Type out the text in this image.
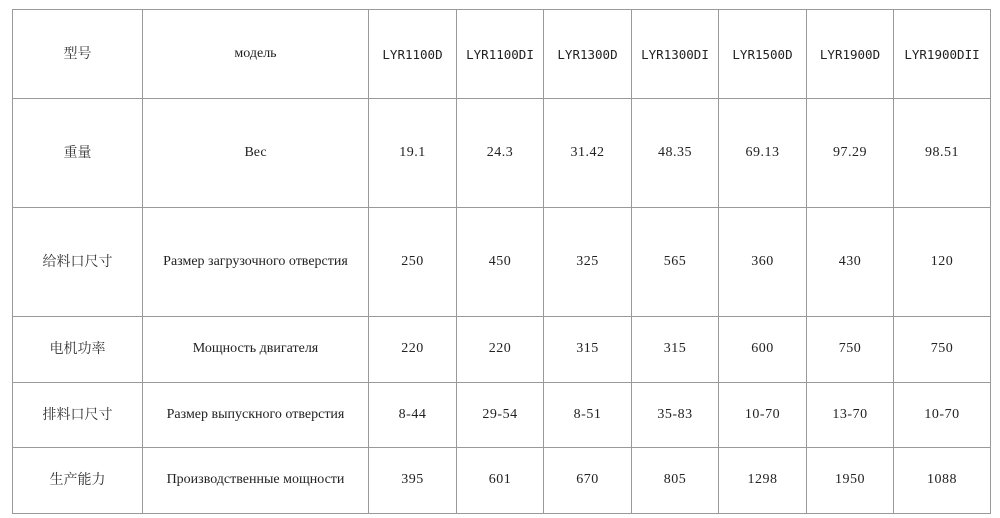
型号	модель	LYR1100D	LYR1100DI	LYR1300D	LYR1300DI	LYR1500D	LYR1900D	LYR1900DII
重量	Вес	19.1	24.3	31.42	48.35	69.13	97.29	98.51
给料口尺寸	Размер загрузочного отверстия	250	450	325	565	360	430	120
电机功率	Мощность двигателя	220	220	315	315	600	750	750
排料口尺寸	Размер выпускного отверстия	8-44	29-54	8-51	35-83	10-70	13-70	10-70
生产能力	Производственные мощности	395	601	670	805	1298	1950	1088
